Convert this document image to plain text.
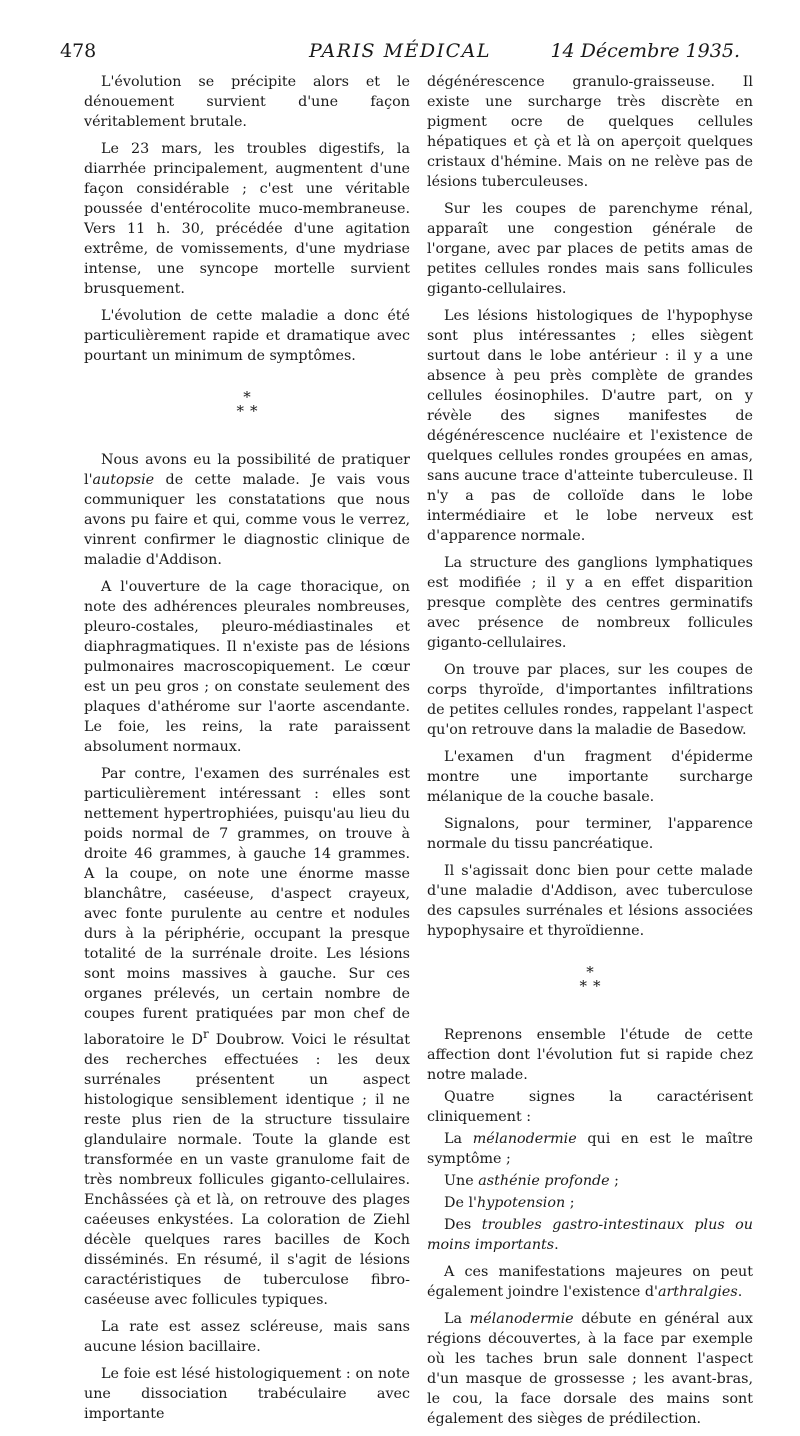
478	PARIS MÉDICAL	14 Décembre 1935.

L'évolution se précipite alors et le dénouement survient d'une façon véritablement brutale.

Le 23 mars, les troubles digestifs, la diarrhée principalement, augmentent d'une façon considérable ; c'est une véritable poussée d'entérocolite muco-membraneuse. Vers 11 h. 30, précédée d'une agitation extrême, de vomissements, d'une mydriase intense, une syncope mortelle survient brusquement.

L'évolution de cette maladie a donc été particulièrement rapide et dramatique avec pourtant un minimum de symptômes.

*
**

Nous avons eu la possibilité de pratiquer l'autopsie de cette malade. Je vais vous communiquer les constatations que nous avons pu faire et qui, comme vous le verrez, vinrent confirmer le diagnostic clinique de maladie d'Addison.

A l'ouverture de la cage thoracique, on note des adhérences pleurales nombreuses, pleuro-costales, pleuro-médiastinales et diaphragmatiques. Il n'existe pas de lésions pulmonaires macroscopiquement. Le cœur est un peu gros ; on constate seulement des plaques d'athérome sur l'aorte ascendante. Le foie, les reins, la rate paraissent absolument normaux.

Par contre, l'examen des surrénales est particulièrement intéressant : elles sont nettement hypertrophiées, puisqu'au lieu du poids normal de 7 grammes, on trouve à droite 46 grammes, à gauche 14 grammes. A la coupe, on note une énorme masse blanchâtre, caséeuse, d'aspect crayeux, avec fonte purulente au centre et nodules durs à la périphérie, occupant la presque totalité de la surrénale droite. Les lésions sont moins massives à gauche. Sur ces organes prélevés, un certain nombre de coupes furent pratiquées par mon chef de laboratoire le $D^r$ Doubrow. Voici le résultat des recherches effectuées : les deux surrénales présentent un aspect histologique sensiblement identique ; il ne reste plus rien de la structure tissulaire glandulaire normale. Toute la glande est transformée en un vaste granulome fait de très nombreux follicules giganto-cellulaires. Enchâssées çà et là, on retrouve des plages caéeuses enkystées. La coloration de Ziehl décèle quelques rares bacilles de Koch disséminés. En résumé, il s'agit de lésions caractéristiques de tuberculose fibro-caséeuse avec follicules typiques.

La rate est assez scléreuse, mais sans aucune lésion bacillaire.

Le foie est lésé histologiquement : on note une dissociation trabéculaire avec importante

dégénérescence granulo-graisseuse. Il existe une surcharge très discrète en pigment ocre de quelques cellules hépatiques et çà et là on aperçoit quelques cristaux d'hémine. Mais on ne relève pas de lésions tuberculeuses.

Sur les coupes de parenchyme rénal, apparaît une congestion générale de l'organe, avec par places de petits amas de petites cellules rondes mais sans follicules giganto-cellulaires.

Les lésions histologiques de l'hypophyse sont plus intéressantes ; elles siègent surtout dans le lobe antérieur : il y a une absence à peu près complète de grandes cellules éosinophiles. D'autre part, on y révèle des signes manifestes de dégénérescence nucléaire et l'existence de quelques cellules rondes groupées en amas, sans aucune trace d'atteinte tuberculeuse. Il n'y a pas de colloïde dans le lobe intermédiaire et le lobe nerveux est d'apparence normale.

La structure des ganglions lymphatiques est modifiée ; il y a en effet disparition presque complète des centres germinatifs avec présence de nombreux follicules giganto-cellulaires.

On trouve par places, sur les coupes de corps thyroïde, d'importantes infiltrations de petites cellules rondes, rappelant l'aspect qu'on retrouve dans la maladie de Basedow.

L'examen d'un fragment d'épiderme montre une importante surcharge mélanique de la couche basale.

Signalons, pour terminer, l'apparence normale du tissu pancréatique.

Il s'agissait donc bien pour cette malade d'une maladie d'Addison, avec tuberculose des capsules surrénales et lésions associées hypophysaire et thyroïdienne.

*
**

Reprenons ensemble l'étude de cette affection dont l'évolution fut si rapide chez notre malade.

Quatre signes la caractérisent cliniquement :

La mélanodermie qui en est le maître symptôme ;

Une asthénie profonde ;

De l'hypotension ;

Des troubles gastro-intestinaux plus ou moins importants.

A ces manifestations majeures on peut également joindre l'existence d'arthralgies.

La mélanodermie débute en général aux régions découvertes, à la face par exemple où les taches brun sale donnent l'aspect d'un masque de grossesse ; les avant-bras, le cou, la face dorsale des mains sont également des sièges de prédilection.
